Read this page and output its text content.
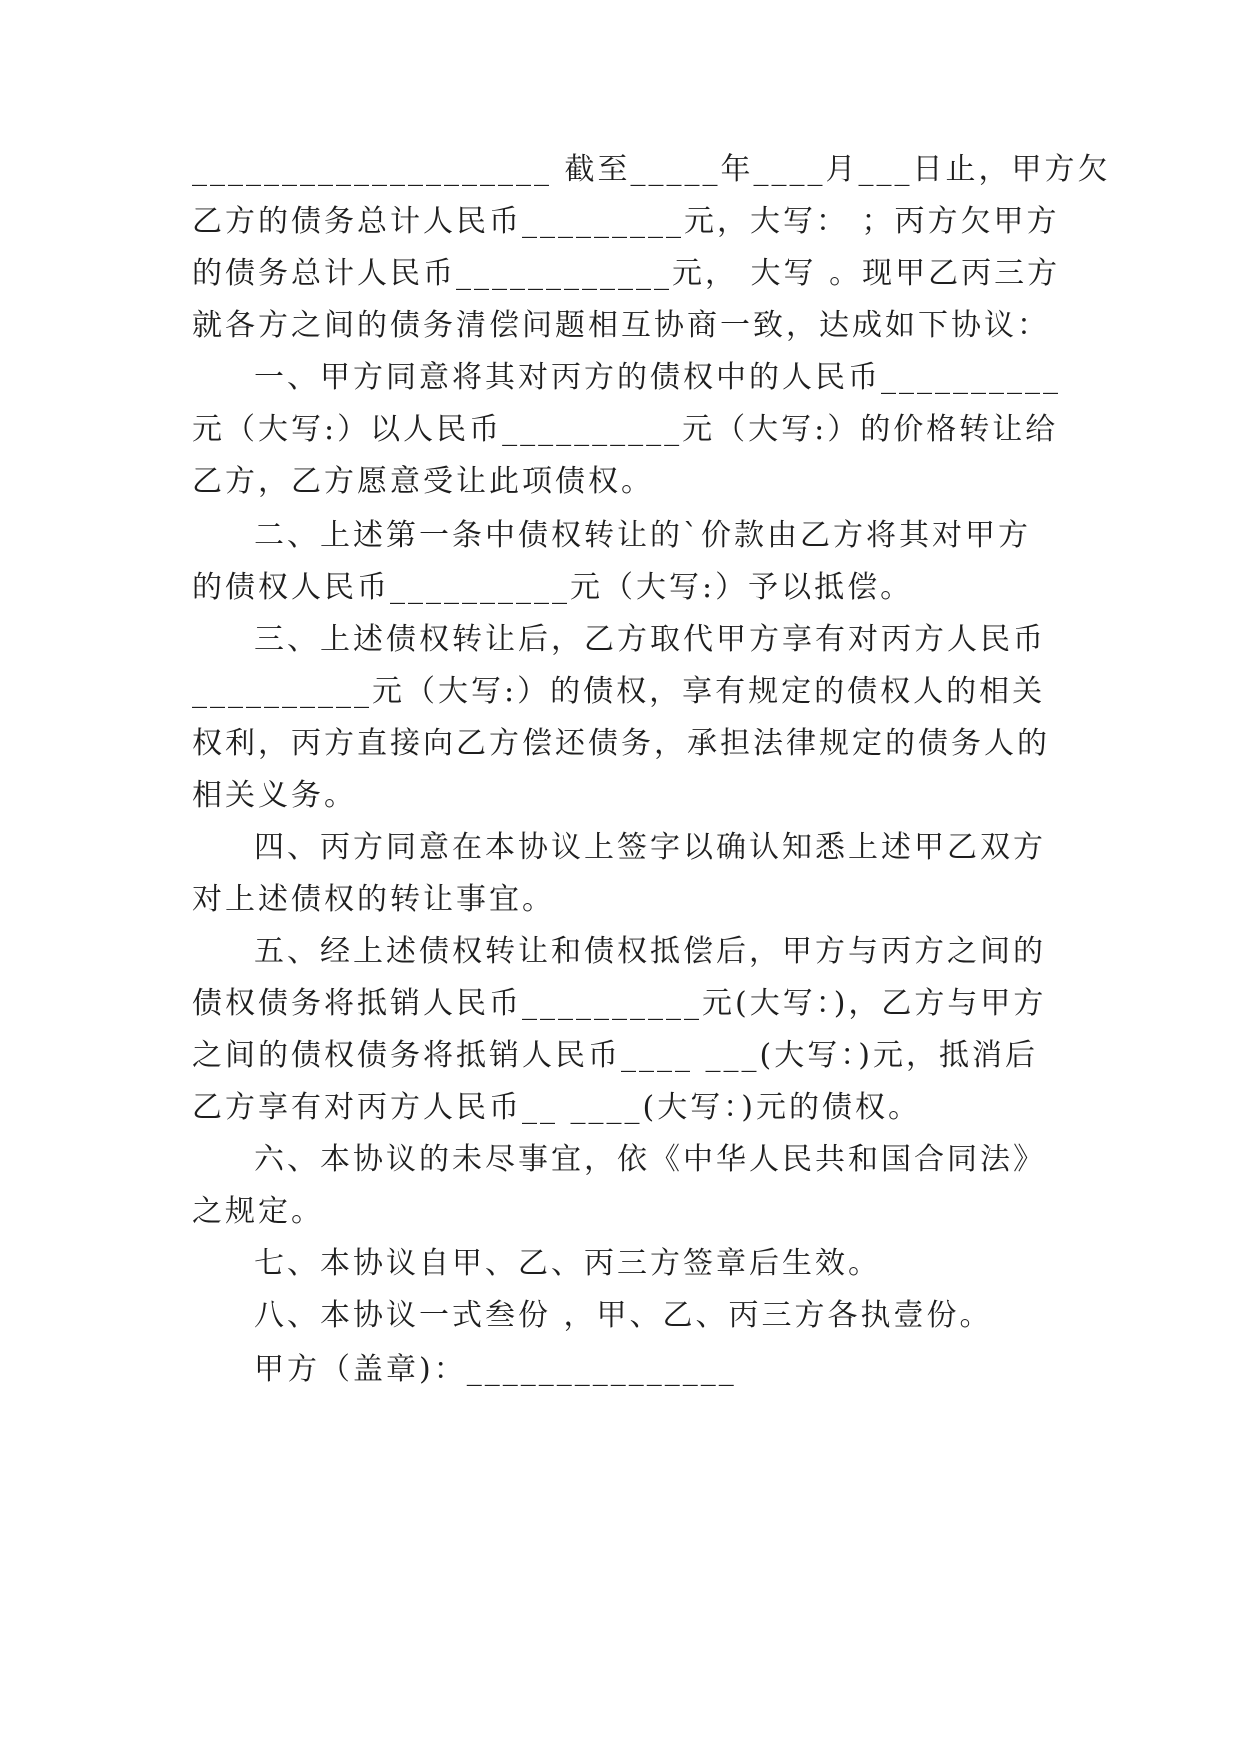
____________________ 截至_____年____月___日止，甲方欠
乙方的债务总计人民币_________元，大写： ；丙方欠甲方
的债务总计人民币____________元， 大写 。现甲乙丙三方
就各方之间的债务清偿问题相互协商一致，达成如下协议：
一、甲方同意将其对丙方的债权中的人民币__________
元（大写:）以人民币__________元（大写:）的价格转让给
乙方，乙方愿意受让此项债权。
二、上述第一条中债权转让的`价款由乙方将其对甲方
的债权人民币__________元（大写:）予以抵偿。
三、上述债权转让后，乙方取代甲方享有对丙方人民币
__________元（大写:）的债权，享有规定的债权人的相关
权利，丙方直接向乙方偿还债务，承担法律规定的债务人的
相关义务。
四、丙方同意在本协议上签字以确认知悉上述甲乙双方
对上述债权的转让事宜。
五、经上述债权转让和债权抵偿后，甲方与丙方之间的
债权债务将抵销人民币__________元(大写：)，乙方与甲方
之间的债权债务将抵销人民币____ ___(大写：)元，抵消后
乙方享有对丙方人民币__ ____(大写：)元的债权。
六、本协议的未尽事宜，依《中华人民共和国合同法》
之规定。
七、本协议自甲、乙、丙三方签章后生效。
八、本协议一式叁份 ，甲、乙、丙三方各执壹份。
甲方（盖章)：_______________
